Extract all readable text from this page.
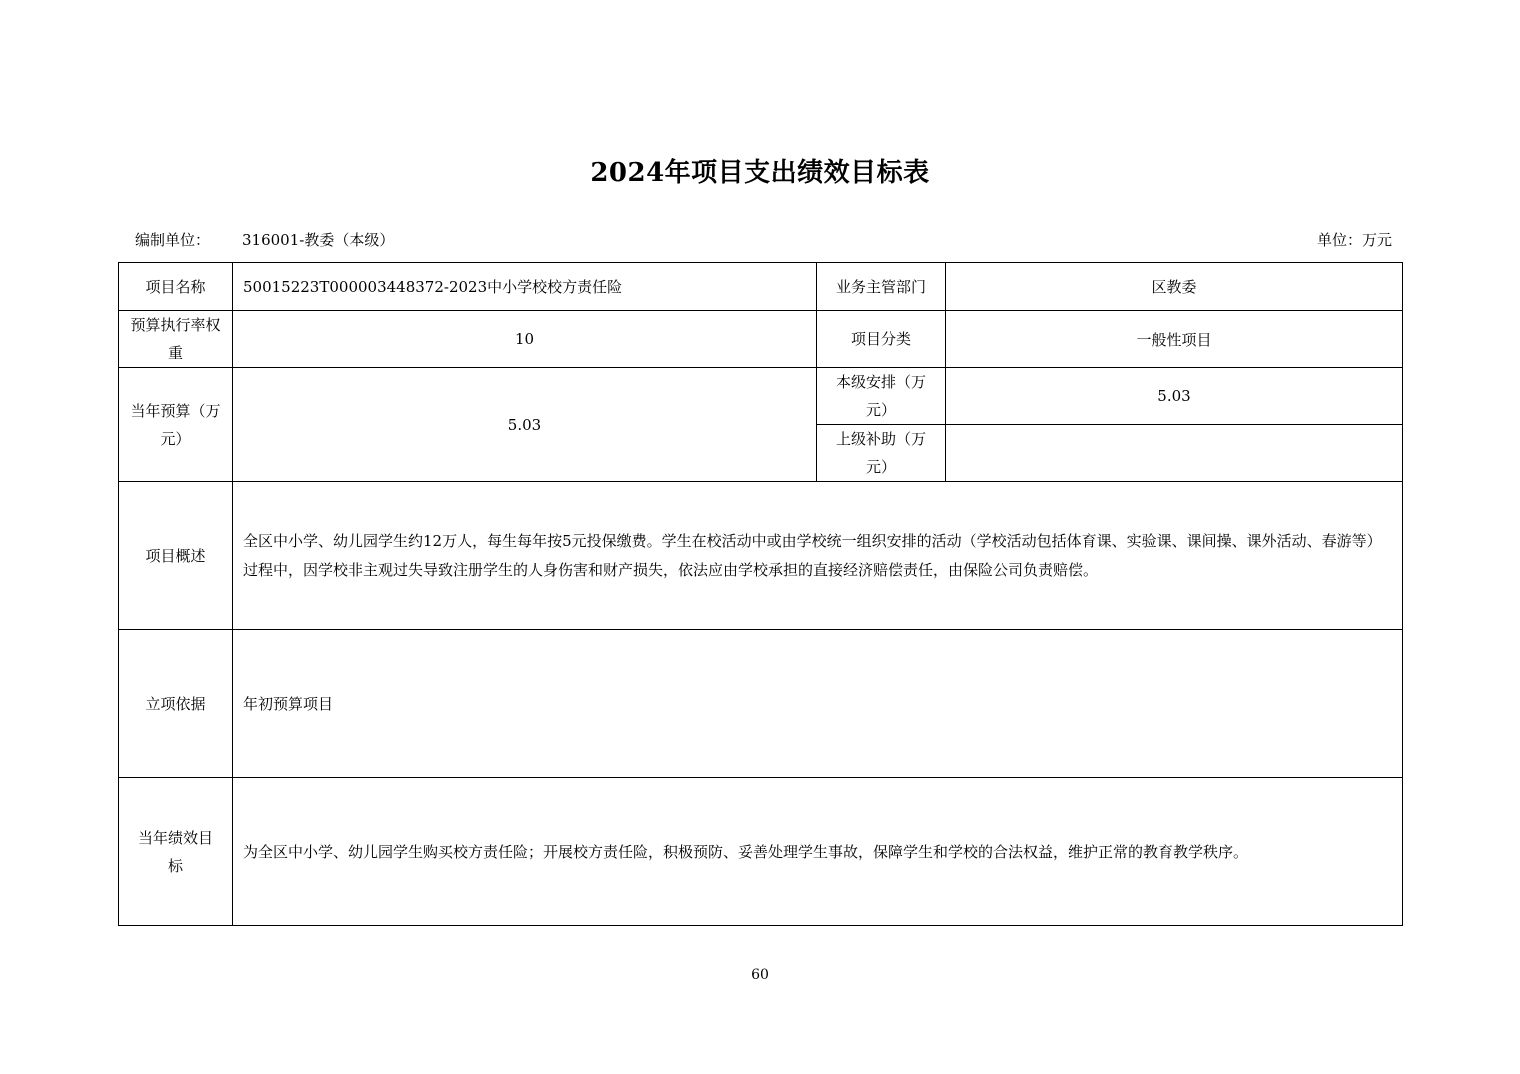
2024年项目支出绩效目标表
编制单位： 316001-教委（本级）	单位：万元
项目名称	50015223T000003448372-2023中小学校校方责任险	业务主管部门	区教委
预算执行率权重	10	项目分类	一般性项目
当年预算（万元）	5.03	本级安排（万元）	5.03
		上级补助（万元）	
项目概述	全区中小学、幼儿园学生约12万人，每生每年按5元投保缴费。学生在校活动中或由学校统一组织安排的活动（学校活动包括体育课、实验课、课间操、课外活动、春游等）过程中，因学校非主观过失导致注册学生的人身伤害和财产损失，依法应由学校承担的直接经济赔偿责任，由保险公司负责赔偿。		
立项依据	年初预算项目		
当年绩效目标	为全区中小学、幼儿园学生购买校方责任险；开展校方责任险，积极预防、妥善处理学生事故，保障学生和学校的合法权益，维护正常的教育教学秩序。		
60
